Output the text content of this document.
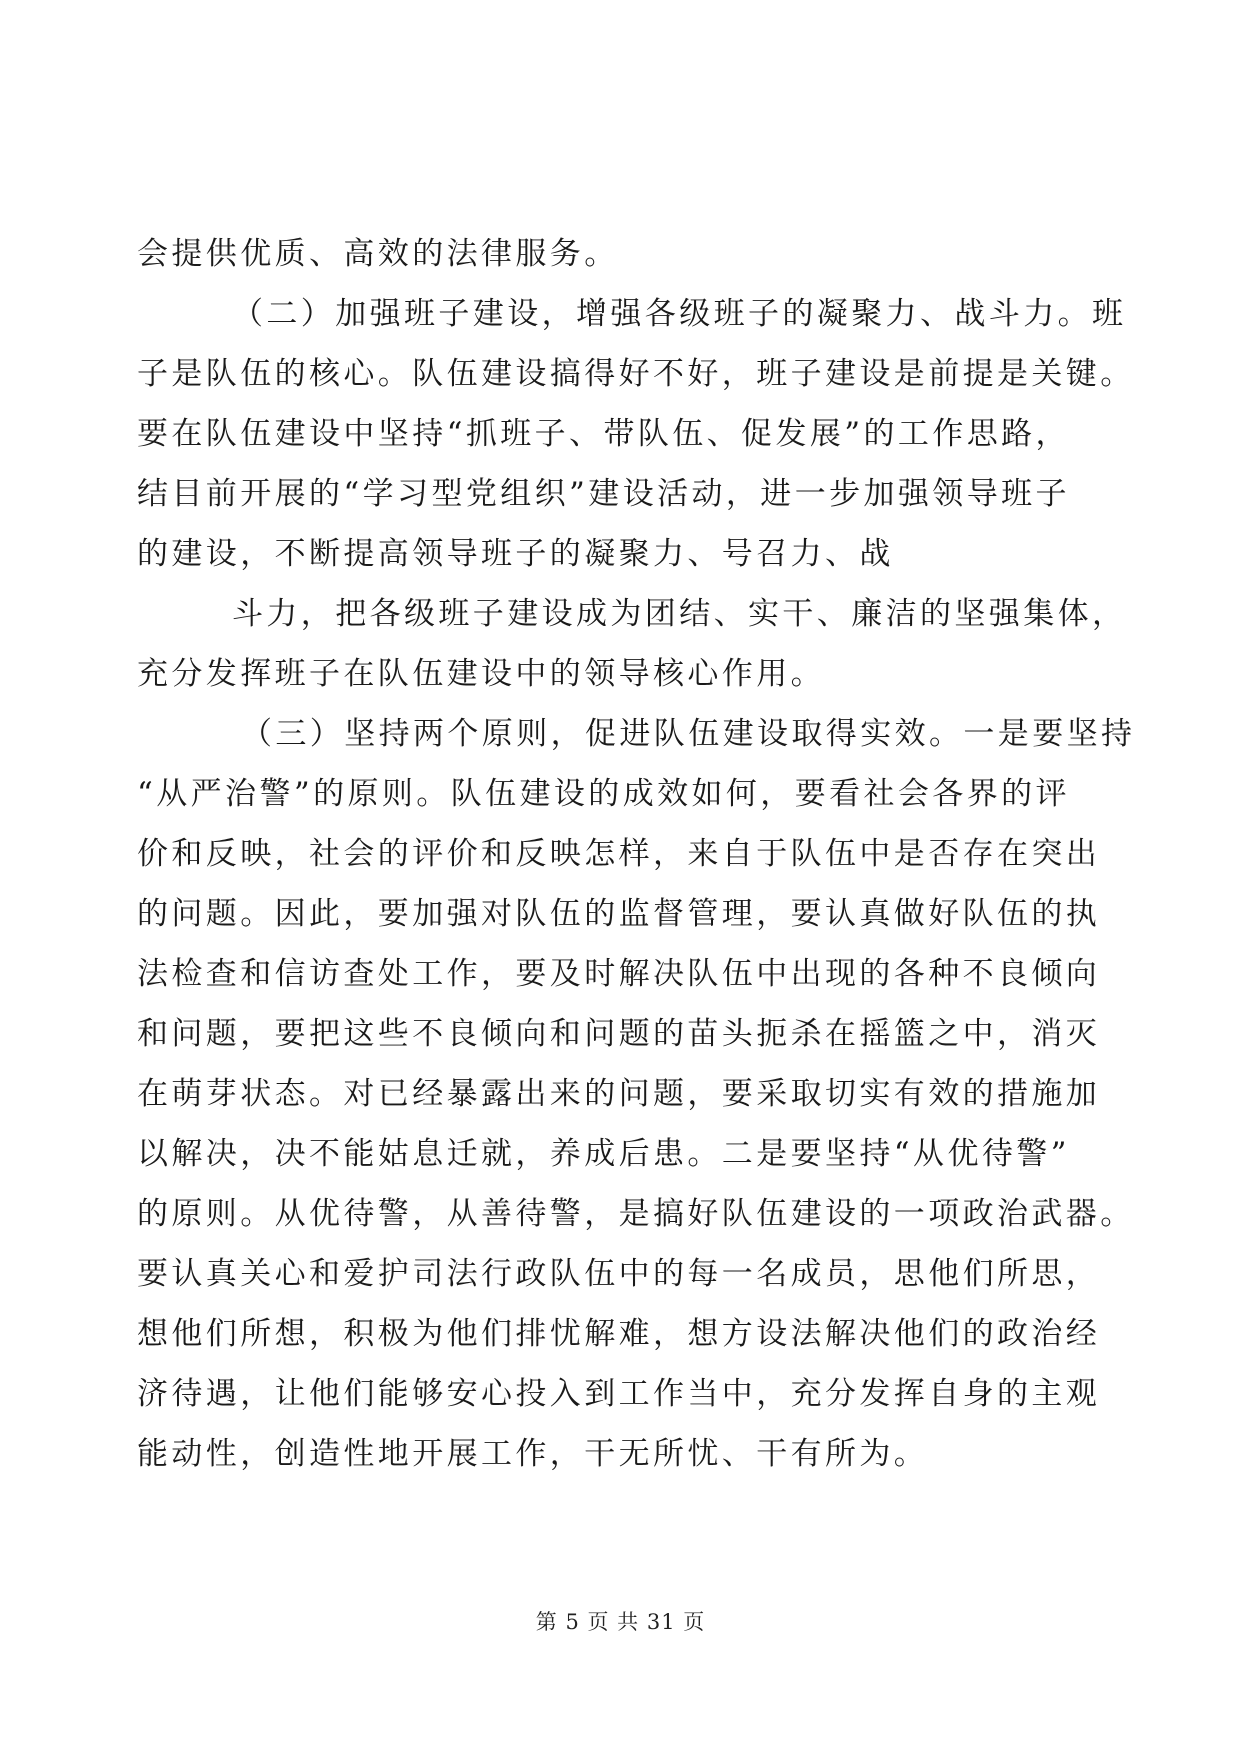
会提供优质、高效的法律服务。
（二）加强班子建设，增强各级班子的凝聚力、战斗力。班
子是队伍的核心。队伍建设搞得好不好，班子建设是前提是关键。
要在队伍建设中坚持“抓班子、带队伍、促发展”的工作思路，
结目前开展的“学习型党组织”建设活动，进一步加强领导班子
的建设，不断提高领导班子的凝聚力、号召力、战
斗力，把各级班子建设成为团结、实干、廉洁的坚强集体，
充分发挥班子在队伍建设中的领导核心作用。
（三）坚持两个原则，促进队伍建设取得实效。一是要坚持
“从严治警”的原则。队伍建设的成效如何，要看社会各界的评
价和反映，社会的评价和反映怎样，来自于队伍中是否存在突出
的问题。因此，要加强对队伍的监督管理，要认真做好队伍的执
法检查和信访查处工作，要及时解决队伍中出现的各种不良倾向
和问题，要把这些不良倾向和问题的苗头扼杀在摇篮之中，消灭
在萌芽状态。对已经暴露出来的问题，要采取切实有效的措施加
以解决，决不能姑息迁就，养成后患。二是要坚持“从优待警”
的原则。从优待警，从善待警，是搞好队伍建设的一项政治武器。
要认真关心和爱护司法行政队伍中的每一名成员，思他们所思，
想他们所想，积极为他们排忧解难，想方设法解决他们的政治经
济待遇，让他们能够安心投入到工作当中，充分发挥自身的主观
能动性，创造性地开展工作，干无所忧、干有所为。
第 5 页 共 31 页
